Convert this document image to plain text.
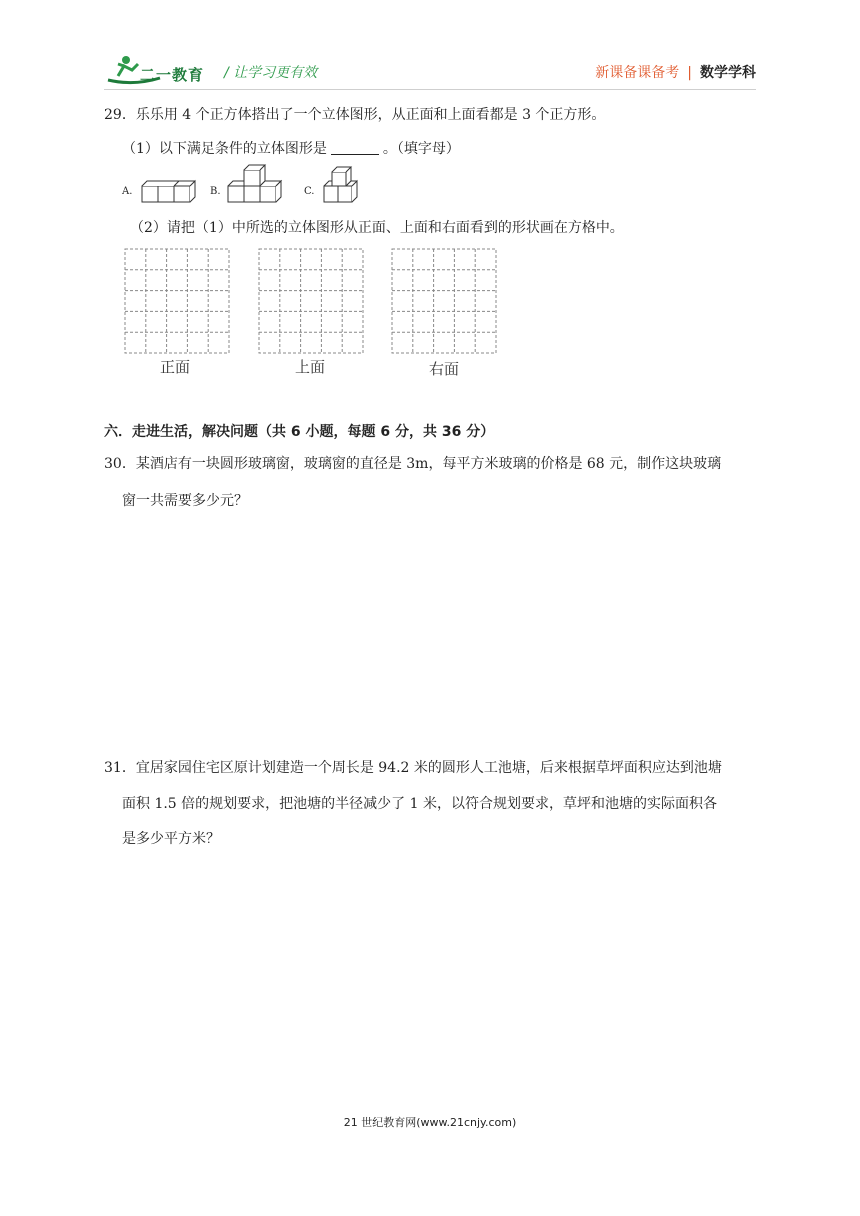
二一教育 / 让学习更有效	新课备课备考 | 数学学科
29．乐乐用 4 个正方体搭出了一个立体图形，从正面和上面看都是 3 个正方形。
（1）以下满足条件的立体图形是	。（填字母）
A.	B.	C.
（2）请把（1）中所选的立体图形从正面、上面和右面看到的形状画在方格中。
正面	上面	右面
六．走进生活，解决问题（共 6 小题，每题 6 分，共 36 分）
30．某酒店有一块圆形玻璃窗，玻璃窗的直径是 3m，每平方米玻璃的价格是 68 元，制作这块玻璃
窗一共需要多少元？
31．宜居家园住宅区原计划建造一个周长是 94.2 米的圆形人工池塘，后来根据草坪面积应达到池塘
面积 1.5 倍的规划要求，把池塘的半径减少了 1 米，以符合规划要求，草坪和池塘的实际面积各
是多少平方米？
21 世纪教育网(www.21cnjy.com)
